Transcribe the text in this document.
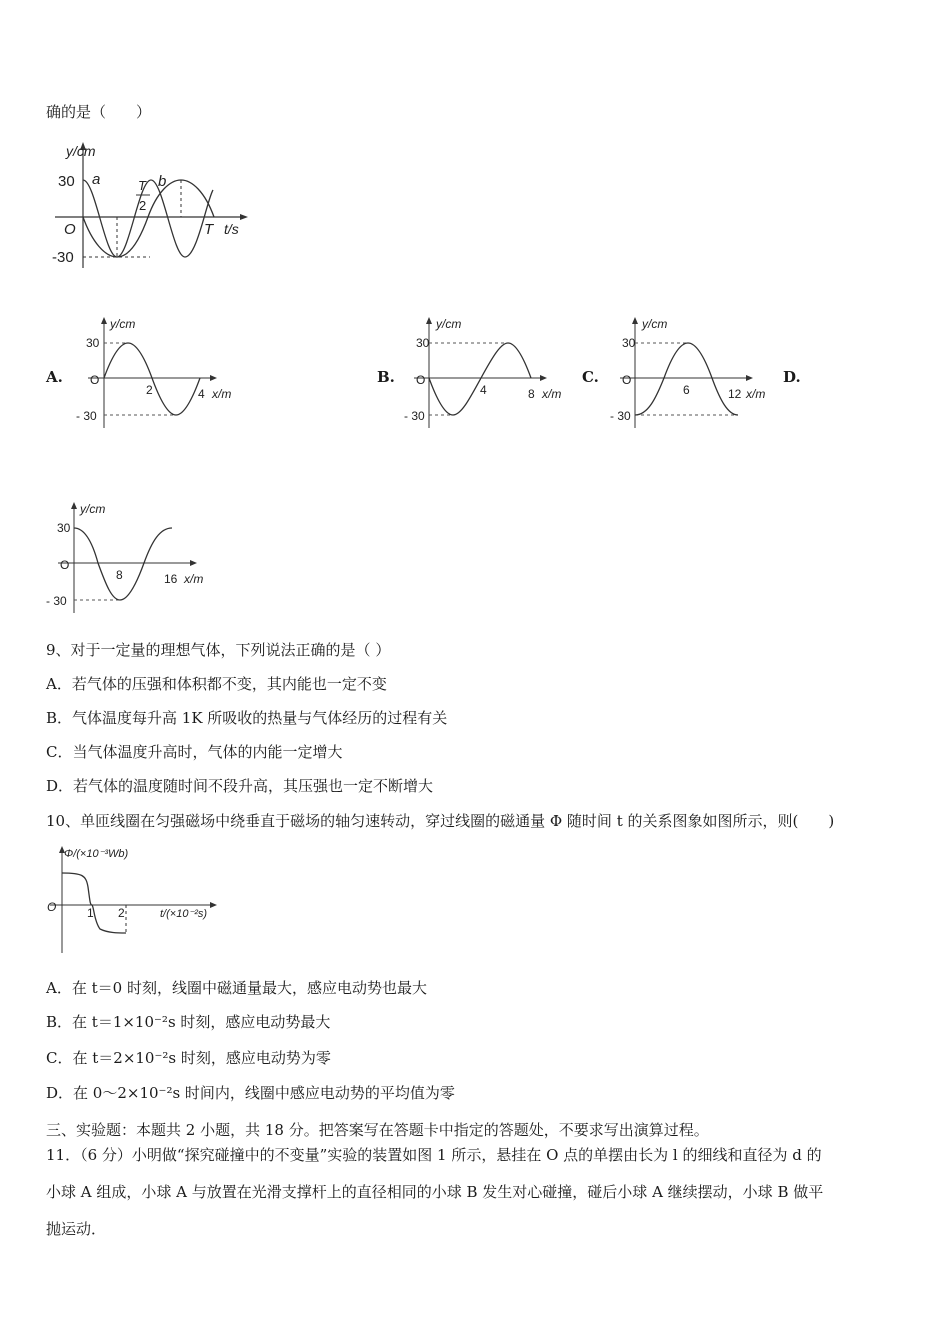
确的是（　　）
y/cm
30
-30
O
a	b
T
2
T t/s
A.	B.	C.	D.
y/cm
30
- 30
O
2	4 x/m
y/cm
30
- 30
O
4	8 x/m
y/cm
30
- 30
O
6	12 x/m
y/cm
30
- 30
O
8	16 x/m
9、对于一定量的理想气体，下列说法正确的是（ ）
A．若气体的压强和体积都不变，其内能也一定不变
B．气体温度每升高 1K 所吸收的热量与气体经历的过程有关
C．当气体温度升高时，气体的内能一定增大
D．若气体的温度随时间不段升高，其压强也一定不断增大
10、单匝线圈在匀强磁场中绕垂直于磁场的轴匀速转动，穿过线圈的磁通量 Φ 随时间 t 的关系图象如图所示，则(　　)
Φ/(×10⁻³Wb)
O	1 2	t/(×10⁻²s)
A．在 t＝0 时刻，线圈中磁通量最大，感应电动势也最大
B．在 t＝1×10⁻²s 时刻，感应电动势最大
C．在 t＝2×10⁻²s 时刻，感应电动势为零
D．在 0～2×10⁻²s 时间内，线圈中感应电动势的平均值为零
三、实验题：本题共 2 小题，共 18 分。把答案写在答题卡中指定的答题处，不要求写出演算过程。
11．（6 分）小明做“探究碰撞中的不变量”实验的装置如图 1 所示，悬挂在 O 点的单摆由长为 l 的细线和直径为 d 的
小球 A 组成，小球 A 与放置在光滑支撑杆上的直径相同的小球 B 发生对心碰撞，碰后小球 A 继续摆动，小球 B 做平
抛运动．
